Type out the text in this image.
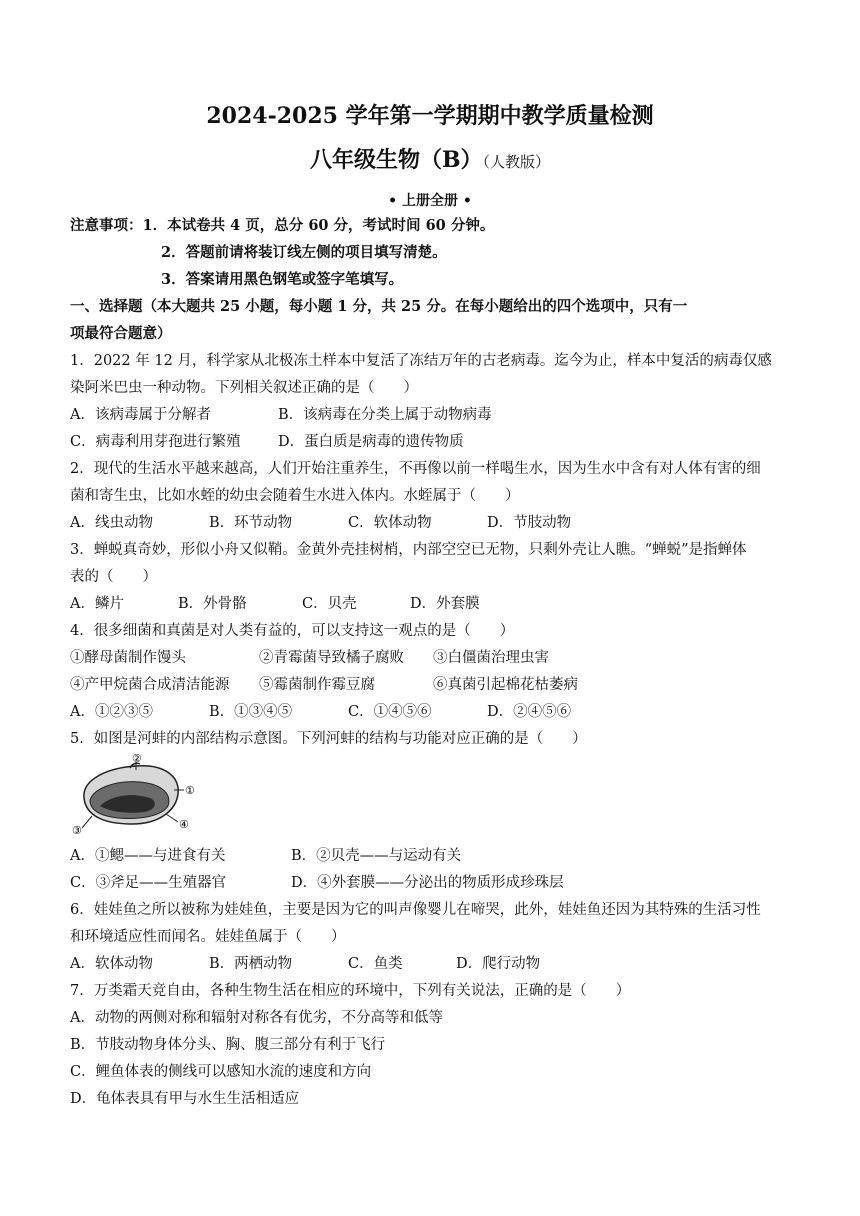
2024-2025 学年第一学期期中教学质量检测
八年级生物（B）（人教版）
• 上册全册 •
注意事项：1．本试卷共 4 页，总分 60 分，考试时间 60 分钟。
2．答题前请将装订线左侧的项目填写清楚。
3．答案请用黑色钢笔或签字笔填写。
一、选择题（本大题共 25 小题，每小题 1 分，共 25 分。在每小题给出的四个选项中，只有一
项最符合题意）
1．2022 年 12 月，科学家从北极冻土样本中复活了冻结万年的古老病毒。迄今为止，样本中复活的病毒仅感
染阿米巴虫一种动物。下列相关叙述正确的是（　　）
A．该病毒属于分解者	B．该病毒在分类上属于动物病毒
C．病毒利用芽孢进行繁殖	D．蛋白质是病毒的遗传物质
2．现代的生活水平越来越高，人们开始注重养生，不再像以前一样喝生水，因为生水中含有对人体有害的细
菌和寄生虫，比如水蛭的幼虫会随着生水进入体内。水蛭属于（　　）
A．线虫动物	B．环节动物	C．软体动物	D．节肢动物
3．蝉蜕真奇妙，形似小舟又似鞘。金黄外壳挂树梢，内部空空已无物，只剩外壳让人瞧。“蝉蜕”是指蝉体
表的（　　）
A．鳞片	B．外骨骼	C．贝壳	D．外套膜
4．很多细菌和真菌是对人类有益的，可以支持这一观点的是（　　）
①酵母菌制作馒头	②青霉菌导致橘子腐败 ③白僵菌治理虫害
④产甲烷菌合成清洁能源 ⑤霉菌制作霉豆腐	⑥真菌引起棉花枯萎病
A．①②③⑤	B．①③④⑤	C．①④⑤⑥	D．②④⑤⑥
5．如图是河蚌的内部结构示意图。下列河蚌的结构与功能对应正确的是（　　）
②
①
④
③
A．①鳃——与进食有关	B．②贝壳——与运动有关
C．③斧足——生殖器官	D．④外套膜——分泌出的物质形成珍珠层
6．娃娃鱼之所以被称为娃娃鱼，主要是因为它的叫声像婴儿在啼哭，此外，娃娃鱼还因为其特殊的生活习性
和环境适应性而闻名。娃娃鱼属于（　　）
A．软体动物	B．两栖动物	C．鱼类	D．爬行动物
7．万类霜天竞自由，各种生物生活在相应的环境中，下列有关说法，正确的是（　　）
A．动物的两侧对称和辐射对称各有优劣，不分高等和低等
B．节肢动物身体分头、胸、腹三部分有利于飞行
C．鲤鱼体表的侧线可以感知水流的速度和方向
D．龟体表具有甲与水生生活相适应
